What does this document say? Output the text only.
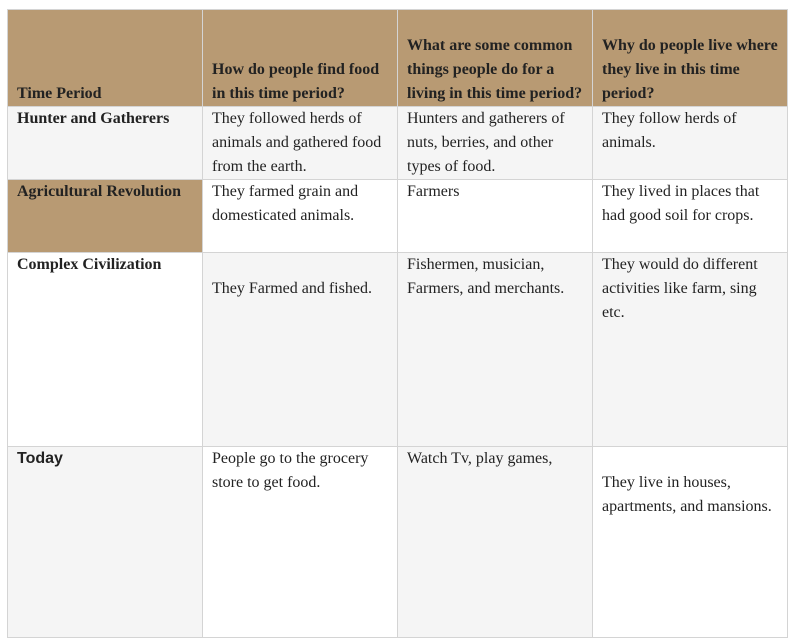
Time Period	How do people find food in this time period?	What are some common things people do for a living in this time period?	Why do people live where they live in this time period?
Hunter and Gatherers	They followed herds of animals and gathered food from the earth.	Hunters and gatherers of nuts, berries, and other types of food.	They follow herds of animals.
Agricultural Revolution	They farmed grain and domesticated animals.	Farmers	They lived in places that had good soil for crops.
Complex Civilization	They Farmed and fished.	Fishermen, musician, Farmers, and merchants.	They would do different activities like farm, sing etc.
Today	People go to the grocery store to get food.	Watch Tv, play games,	They live in houses, apartments, and mansions.
